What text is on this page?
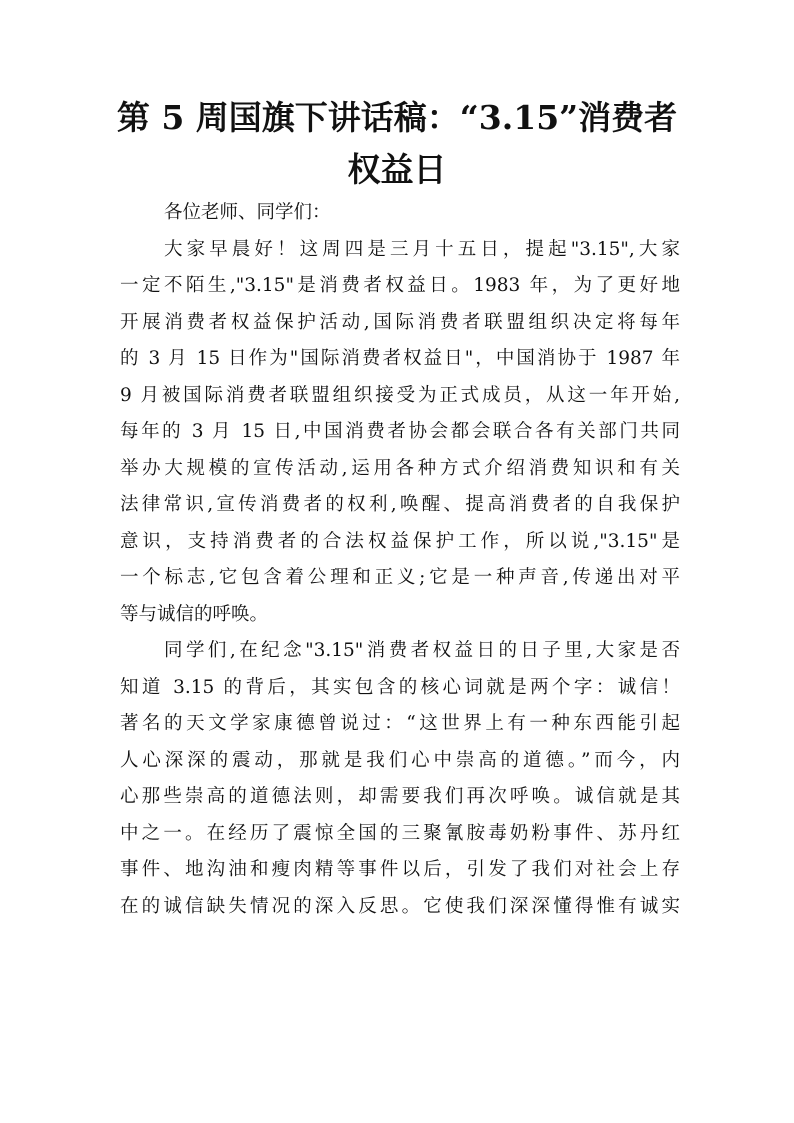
第 5 周国旗下讲话稿：“3.15”消费者
权益日
各位老师、同学们：
大家早晨好！这周四是三月十五日，提起"3.15",大家
一定不陌生,"3.15"是消费者权益日。1983 年，为了更好地
开展消费者权益保护活动,国际消费者联盟组织决定将每年
的 3 月 15 日作为"国际消费者权益日"，中国消协于 1987 年
9 月被国际消费者联盟组织接受为正式成员，从这一年开始,
每年的 3 月 15 日,中国消费者协会都会联合各有关部门共同
举办大规模的宣传活动,运用各种方式介绍消费知识和有关
法律常识,宣传消费者的权利,唤醒、提高消费者的自我保护
意识，支持消费者的合法权益保护工作，所以说,"3.15"是
一个标志,它包含着公理和正义;它是一种声音,传递出对平
等与诚信的呼唤。
同学们,在纪念"3.15"消费者权益日的日子里,大家是否
知道 3.15 的背后，其实包含的核心词就是两个字：诚信！
著名的天文学家康德曾说过：“这世界上有一种东西能引起
人心深深的震动，那就是我们心中崇高的道德。”而今，内
心那些崇高的道德法则，却需要我们再次呼唤。诚信就是其
中之一。在经历了震惊全国的三聚氰胺毒奶粉事件、苏丹红
事件、地沟油和瘦肉精等事件以后，引发了我们对社会上存
在的诚信缺失情况的深入反思。它使我们深深懂得惟有诚实
